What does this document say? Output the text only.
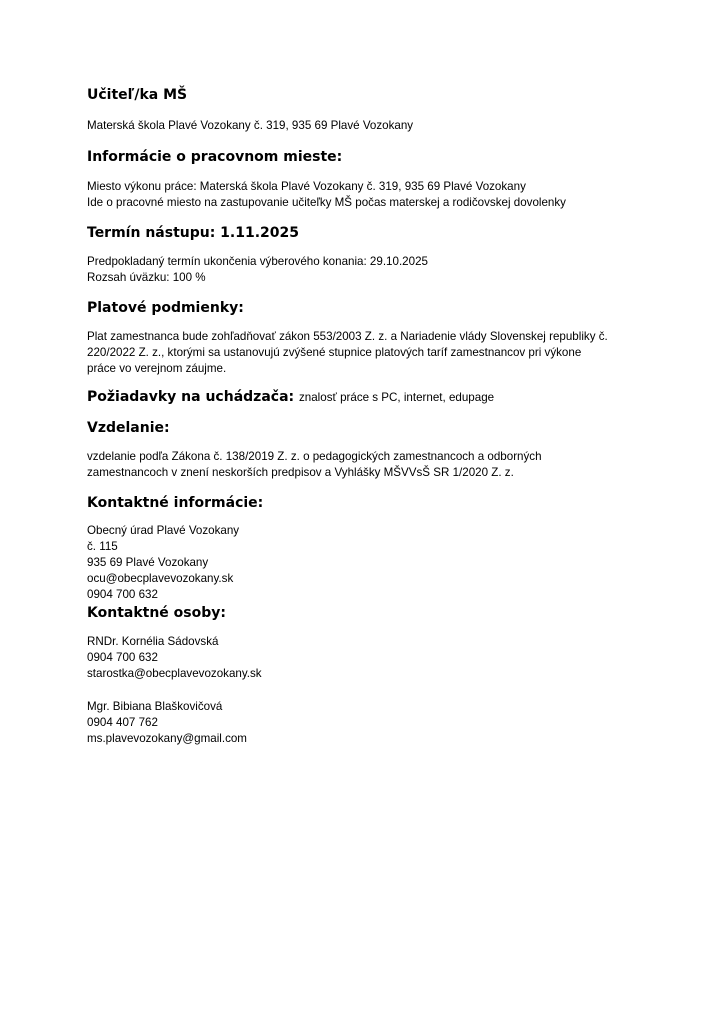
Učiteľ/ka MŠ

Materská škola Plavé Vozokany č. 319, 935 69 Plavé Vozokany

Informácie o pracovnom mieste:

Miesto výkonu práce: Materská škola Plavé Vozokany č. 319, 935 69 Plavé Vozokany
Ide o pracovné miesto na zastupovanie učiteľky MŠ počas materskej a rodičovskej dovolenky

Termín nástupu: 1.11.2025

Predpokladaný termín ukončenia výberového konania: 29.10.2025
Rozsah úväzku: 100 %

Platové podmienky:

Plat zamestnanca bude zohľadňovať zákon 553/2003 Z. z. a Nariadenie vlády Slovenskej republiky č.
220/2022 Z. z., ktorými sa ustanovujú zvýšené stupnice platových taríf zamestnancov pri výkone
práce vo verejnom záujme.

Požiadavky na uchádzača: znalosť práce s PC, internet, edupage
Vzdelanie:

vzdelanie podľa Zákona č. 138/2019 Z. z. o pedagogických zamestnancoch a odborných
zamestnancoch v znení neskorších predpisov a Vyhlášky MŠVVsŠ SR 1/2020 Z. z.

Kontaktné informácie:

Obecný úrad Plavé Vozokany
č. 115
935 69 Plavé Vozokany
ocu@obecplavevozokany.sk
0904 700 632

Kontaktné osoby:

RNDr. Kornélia Sádovská
0904 700 632
starostka@obecplavevozokany.sk

Mgr. Bibiana Blaškovičová
0904 407 762
ms.plavevozokany@gmail.com
